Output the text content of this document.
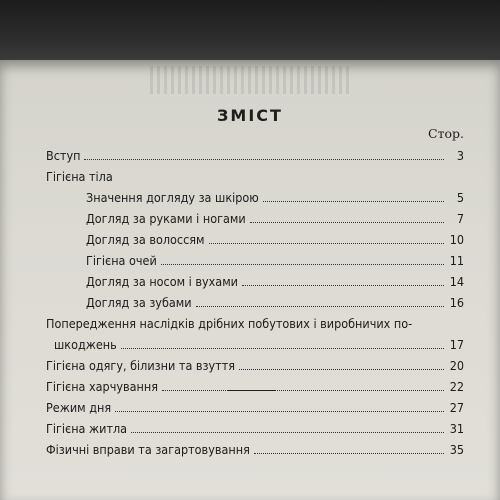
ЗМІСТ
Стор.
Вступ	3
Гігієна тіла
Значення догляду за шкірою	5
Догляд за руками і ногами	7
Догляд за волоссям	10
Гігієна очей	11
Догляд за носом і вухами	14
Догляд за зубами	16
Попередження наслідків дрібних побутових і виробничих по-
шкоджень	17
Гігієна одягу, білизни та взуття	20
Гігієна харчування	22
Режим дня	27
Гігієна житла	31
Фізичні вправи та загартовування	35
